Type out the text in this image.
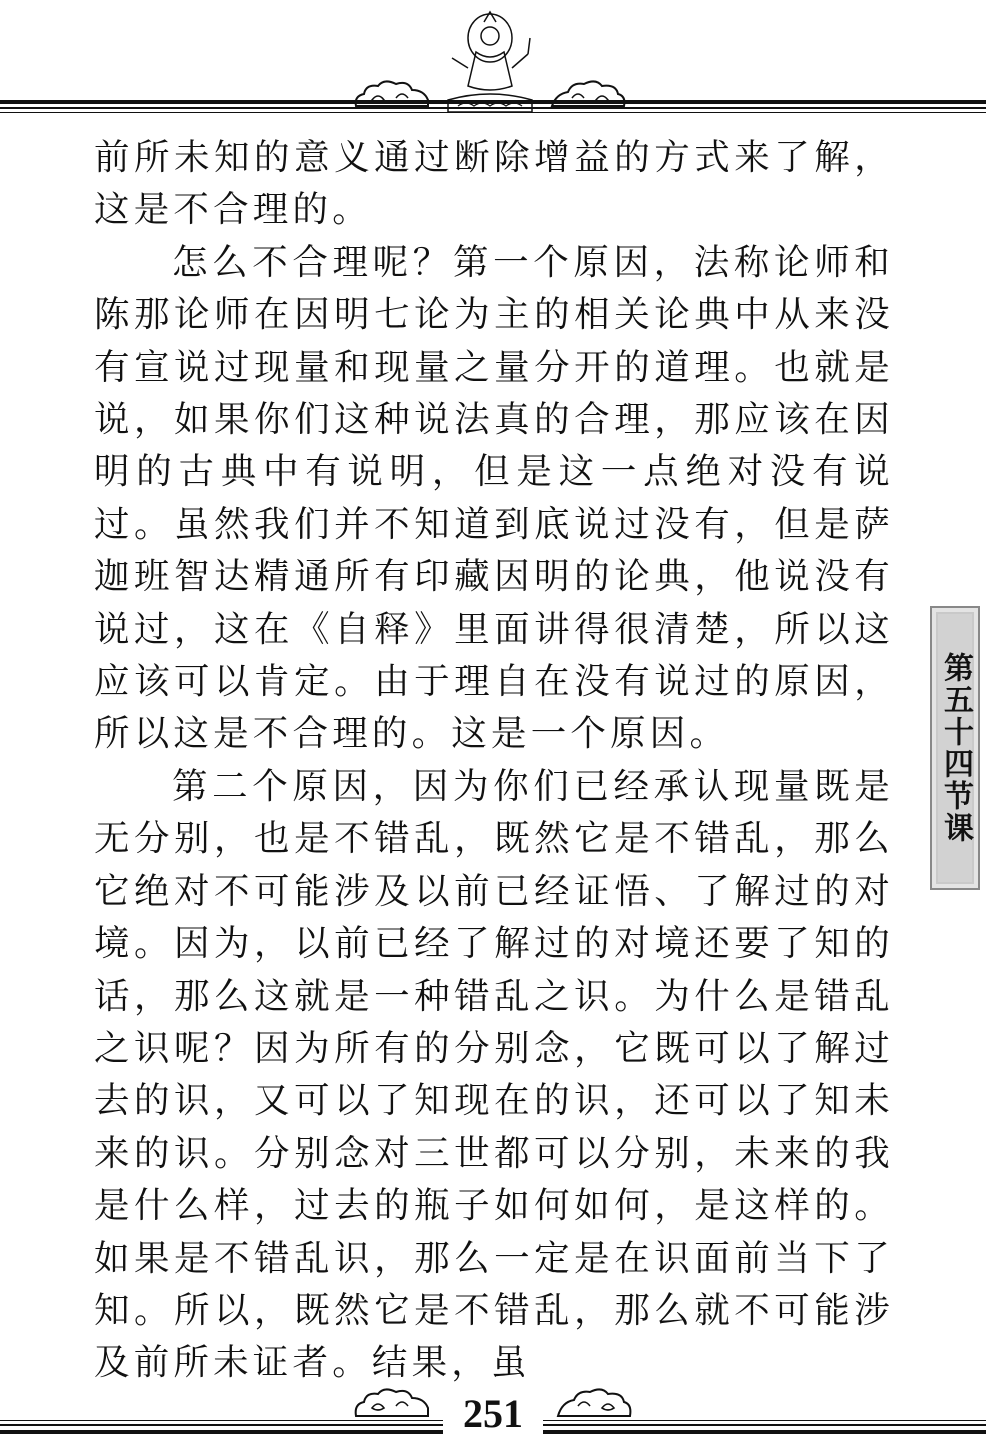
前所未知的意义通过断除增益的方式来了解，这是不合理的。

怎么不合理呢？第一个原因，法称论师和陈那论师在因明七论为主的相关论典中从来没有宣说过现量和现量之量分开的道理。也就是说，如果你们这种说法真的合理，那应该在因明的古典中有说明，但是这一点绝对没有说过。虽然我们并不知道到底说过没有，但是萨迦班智达精通所有印藏因明的论典，他说没有说过，这在《自释》里面讲得很清楚，所以这应该可以肯定。由于理自在没有说过的原因，所以这是不合理的。这是一个原因。

第二个原因，因为你们已经承认现量既是无分别，也是不错乱，既然它是不错乱，那么它绝对不可能涉及以前已经证悟、了解过的对境。因为，以前已经了解过的对境还要了知的话，那么这就是一种错乱之识。为什么是错乱之识呢？因为所有的分别念，它既可以了解过去的识，又可以了知现在的识，还可以了知未来的识。分别念对三世都可以分别，未来的我是什么样，过去的瓶子如何如何，是这样的。如果是不错乱识，那么一定是在识面前当下了知。所以，既然它是不错乱，那么就不可能涉及前所未证者。结果，虽

第五十四节课
251
